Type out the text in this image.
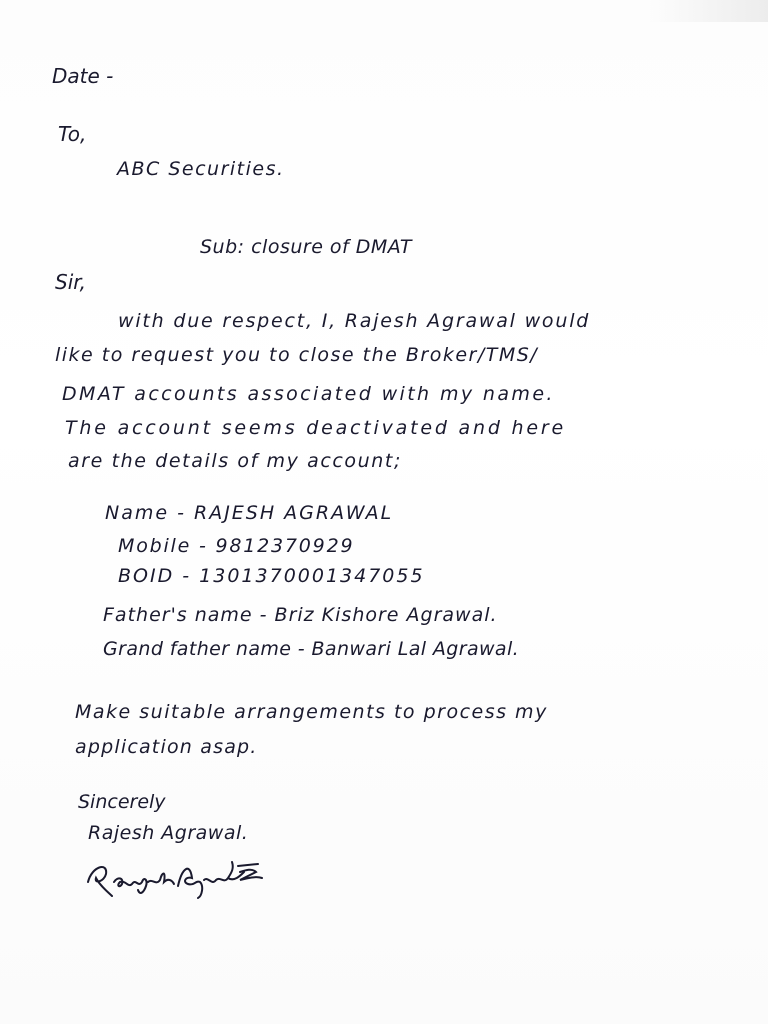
Date -
To,
ABC Securities.
Sub: closure of DMAT
Sir,
with due respect, I, Rajesh Agrawal would
like to request you to close the Broker/TMS/
DMAT accounts associated with my name.
The account seems deactivated and here
are the details of my account;
Name - RAJESH AGRAWAL
Mobile - 9812370929
BOID - 1301370001347055
Father's name - Briz Kishore Agrawal.
Grand father name - Banwari Lal Agrawal.
Make suitable arrangements to process my
application asap.
Sincerely
Rajesh Agrawal.
